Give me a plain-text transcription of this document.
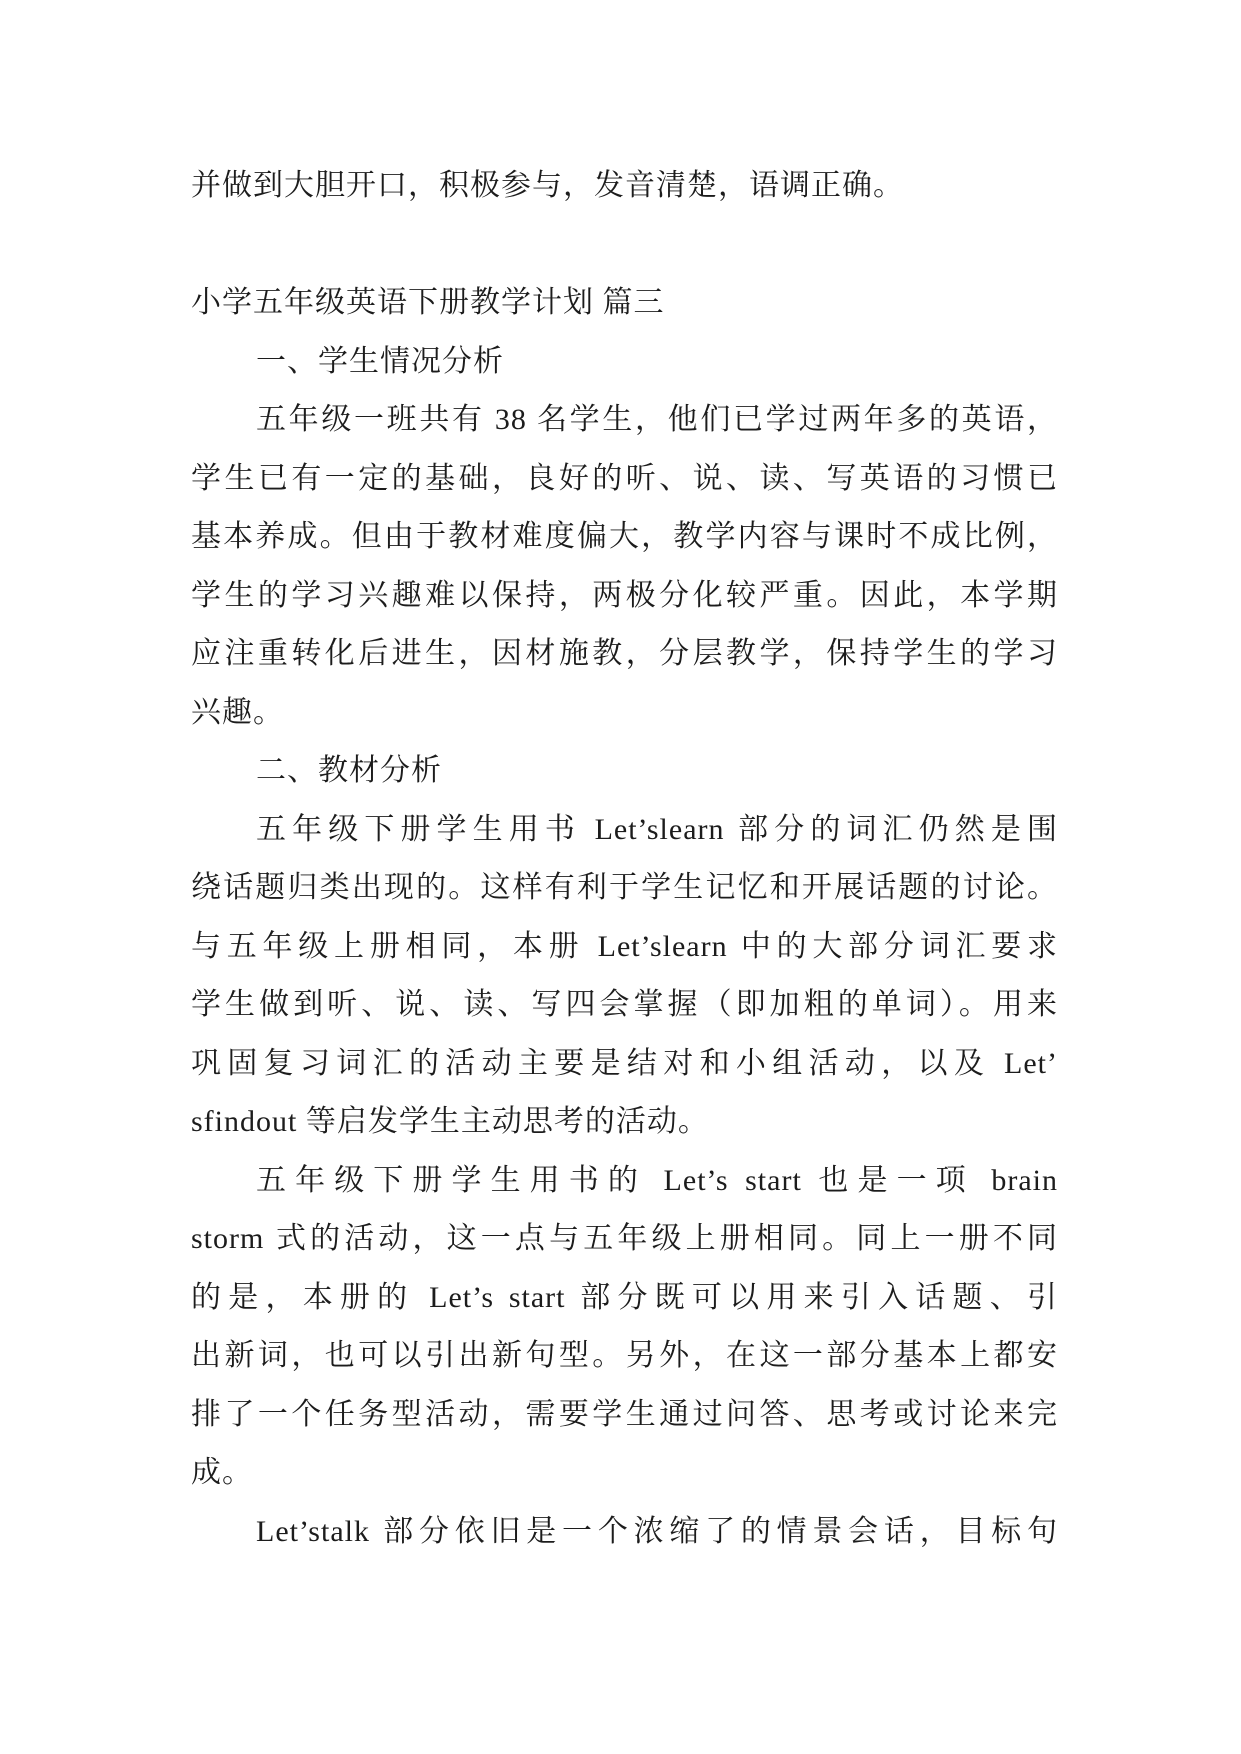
并做到大胆开口，积极参与，发音清楚，语调正确。
小学五年级英语下册教学计划 篇三
一、学生情况分析
五年级一班共有 38 名学生，他们已学过两年多的英语，
学生已有一定的基础，良好的听、说、读、写英语的习惯已
基本养成。但由于教材难度偏大，教学内容与课时不成比例，
学生的学习兴趣难以保持，两极分化较严重。因此，本学期
应注重转化后进生，因材施教，分层教学，保持学生的学习
兴趣。
二、教材分析
五年级下册学生用书 Let’slearn 部分的词汇仍然是围
绕话题归类出现的。这样有利于学生记忆和开展话题的讨论。
与五年级上册相同，本册 Let’slearn 中的大部分词汇要求
学生做到听、说、读、写四会掌握（即加粗的单词）。用来
巩固复习词汇的活动主要是结对和小组活动，以及 Let’
sfindout 等启发学生主动思考的活动。
五年级下册学生用书的 Let’s start 也是一项 brain
storm 式的活动，这一点与五年级上册相同。同上一册不同
的是，本册的 Let’s start 部分既可以用来引入话题、引
出新词，也可以引出新句型。另外，在这一部分基本上都安
排了一个任务型活动，需要学生通过问答、思考或讨论来完
成。
Let’stalk 部分依旧是一个浓缩了的情景会话，目标句
